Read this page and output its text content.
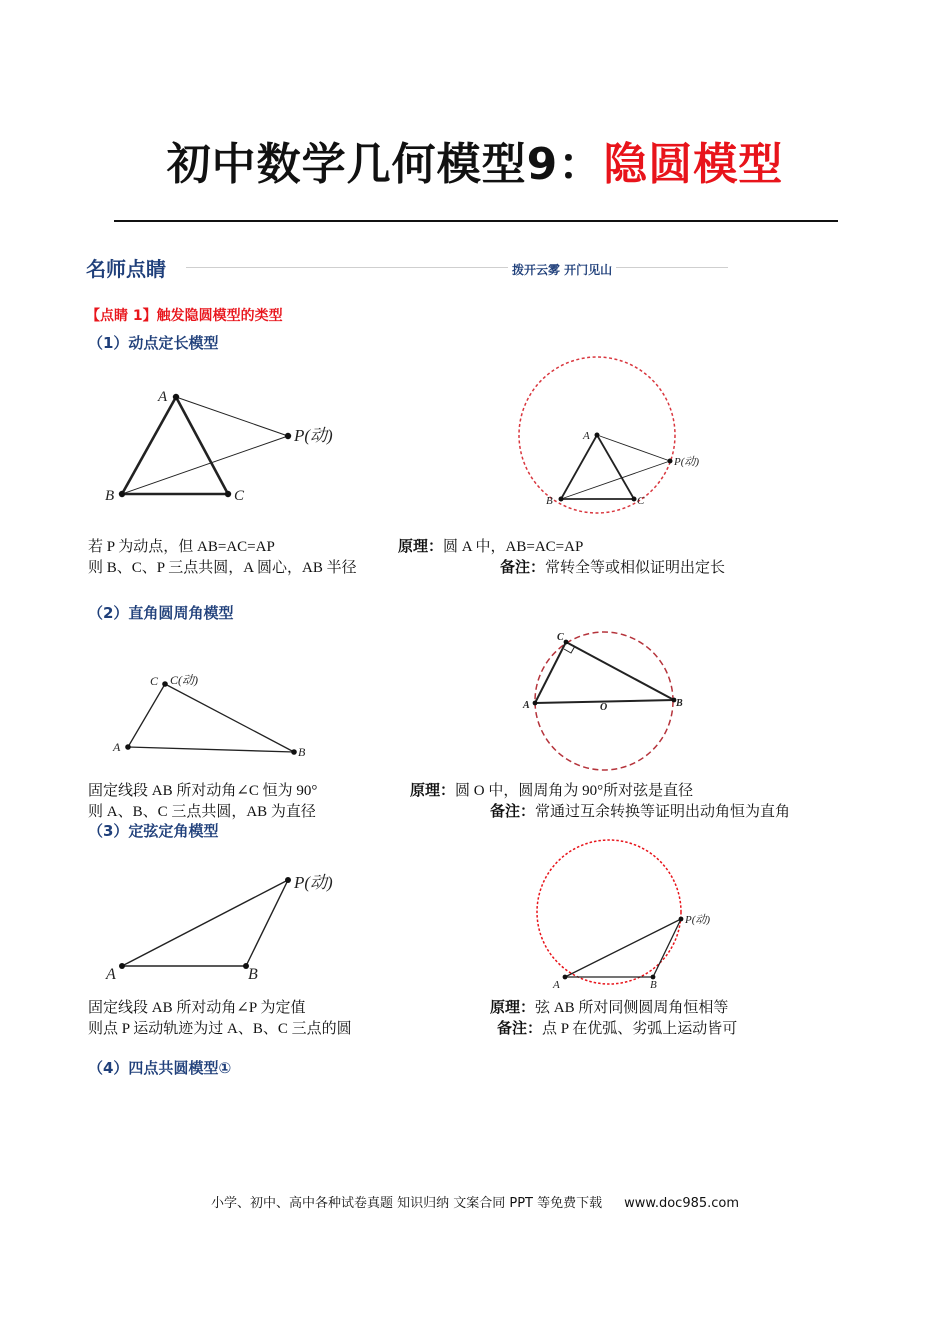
初中数学几何模型9：隐圆模型
名师点睛	拨开云雾 开门见山
【点睛 1】触发隐圆模型的类型
（1）动点定长模型
A
B	C
P(动)	A
B	C
P(动)
若 P 为动点，但 AB=AC=AP
则 B、C、P 三点共圆，A 圆心，AB 半径
原理：圆 A 中，AB=AC=AP
备注：常转全等或相似证明出定长
（2）直角圆周角模型
C C(动)
A	B
C
A	B
O
固定线段 AB 所对动角∠C 恒为 90°
则 A、B、C 三点共圆，AB 为直径
原理：圆 O 中，圆周角为 90°所对弦是直径
备注：常通过互余转换等证明出动角恒为直角
（3）定弦定角模型
A	B
P(动)
A	B
P(动)
固定线段 AB 所对动角∠P 为定值
则点 P 运动轨迹为过 A、B、C 三点的圆
原理：弦 AB 所对同侧圆周角恒相等
备注：点 P 在优弧、劣弧上运动皆可
（4）四点共圆模型①
小学、初中、高中各种试卷真题 知识归纳 文案合同 PPT 等免费下载 www.doc985.com
